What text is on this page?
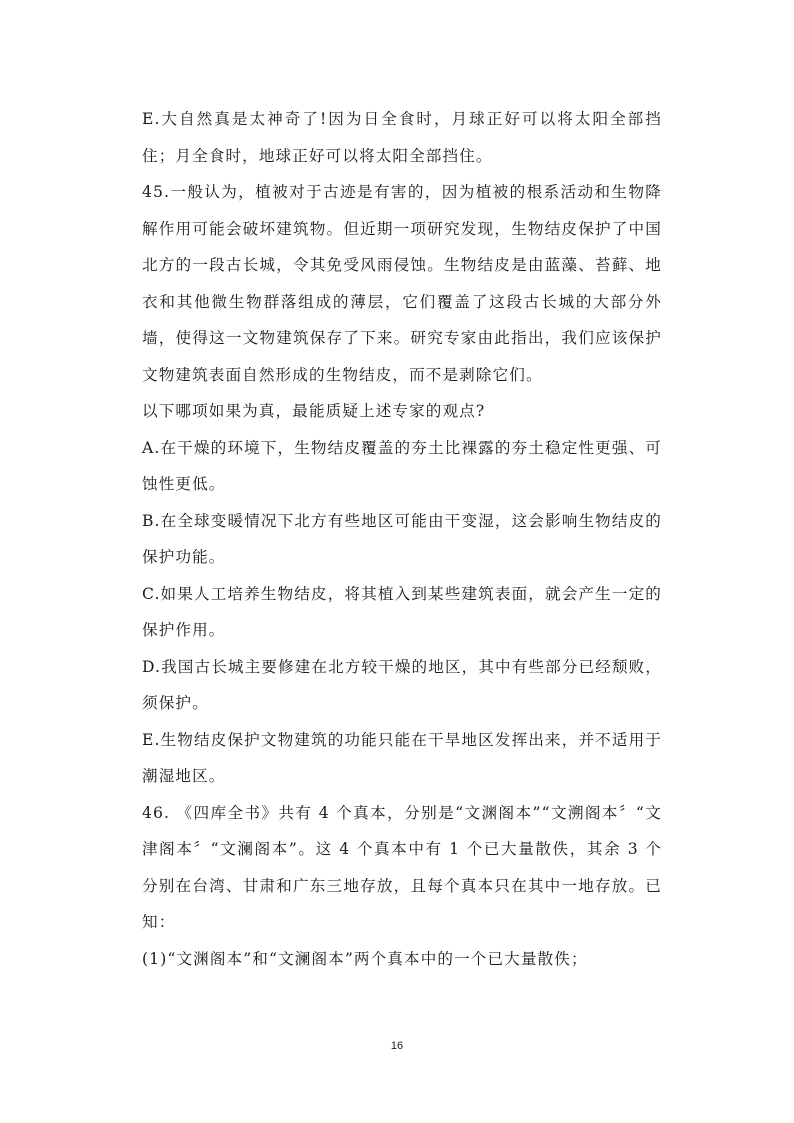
E.大自然真是太神奇了!因为日全食时，月球正好可以将太阳全部挡住；月全食时，地球正好可以将太阳全部挡住。

45.一般认为，植被对于古迹是有害的，因为植被的根系活动和生物降解作用可能会破坏建筑物。但近期一项研究发现，生物结皮保护了中国北方的一段古长城，令其免受风雨侵蚀。生物结皮是由蓝藻、苔藓、地衣和其他微生物群落组成的薄层，它们覆盖了这段古长城的大部分外墙，使得这一文物建筑保存了下来。研究专家由此指出，我们应该保护文物建筑表面自然形成的生物结皮，而不是剥除它们。

以下哪项如果为真，最能质疑上述专家的观点?

A.在干燥的环境下，生物结皮覆盖的夯土比裸露的夯土稳定性更强、可蚀性更低。

B.在全球变暖情况下北方有些地区可能由干变湿，这会影响生物结皮的保护功能。

C.如果人工培养生物结皮，将其植入到某些建筑表面，就会产生一定的保护作用。

D.我国古长城主要修建在北方较干燥的地区，其中有些部分已经颓败，须保护。

E.生物结皮保护文物建筑的功能只能在干旱地区发挥出来，并不适用于潮湿地区。

46. 《四库全书》共有 4 个真本，分别是“文渊阁本”“文溯阁本〞“文津阁本〞“文澜阁本”。这 4 个真本中有 1 个已大量散佚，其余 3 个分别在台湾、甘肃和广东三地存放，且每个真本只在其中一地存放。已知：

(1)“文渊阁本”和“文澜阁本”两个真本中的一个已大量散佚；

16
